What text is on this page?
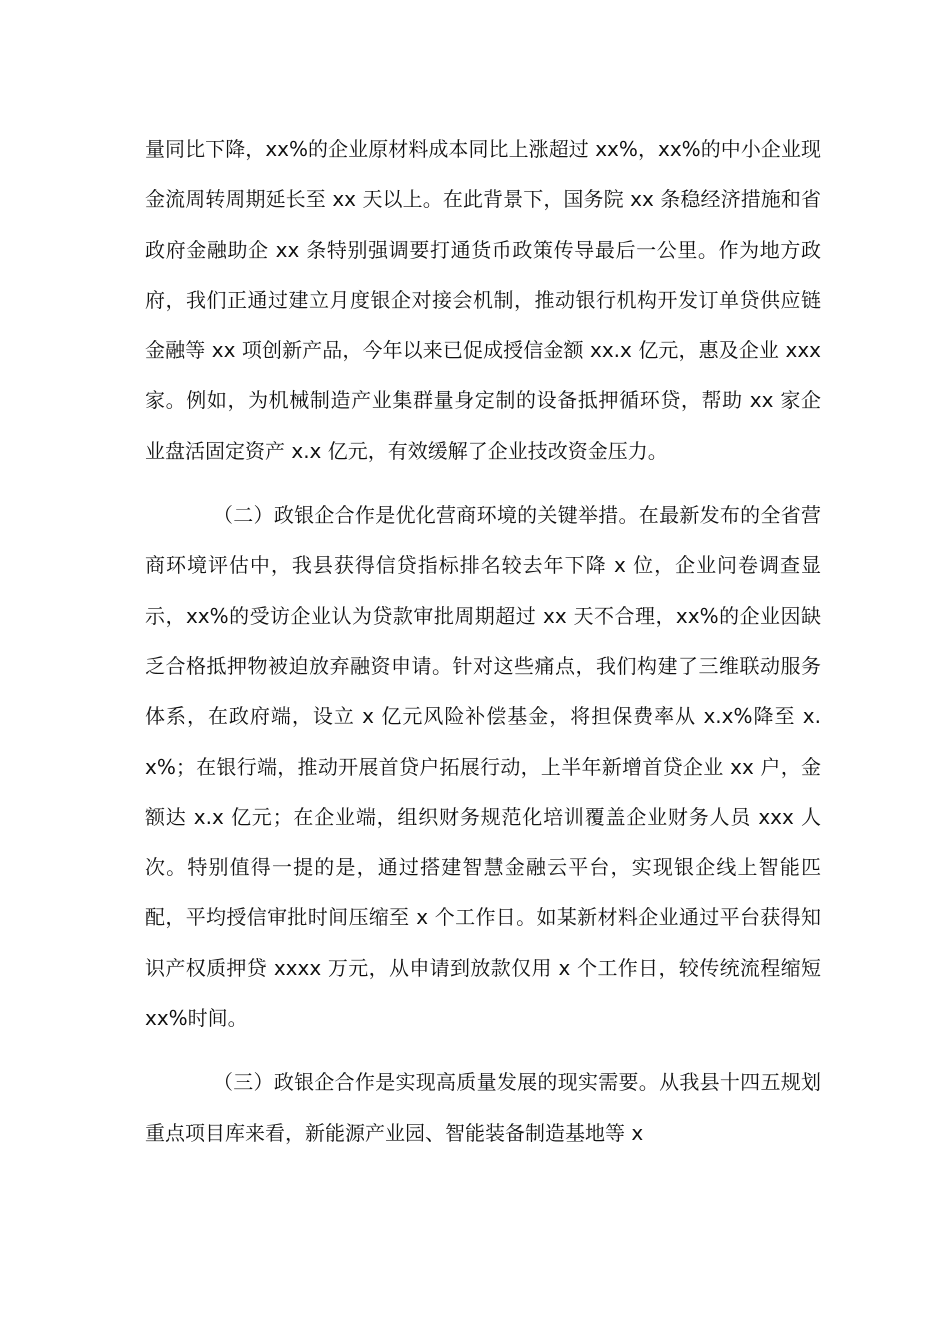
量同比下降，xx%的企业原材料成本同比上涨超过 xx%，xx%的中小企业现金流周转周期延长至 xx 天以上。在此背景下，国务院 xx 条稳经济措施和省政府金融助企 xx 条特别强调要打通货币政策传导最后一公里。作为地方政府，我们正通过建立月度银企对接会机制，推动银行机构开发订单贷供应链金融等 xx 项创新产品，今年以来已促成授信金额 xx.x 亿元，惠及企业 xxx 家。例如，为机械制造产业集群量身定制的设备抵押循环贷，帮助 xx 家企业盘活固定资产 x.x 亿元，有效缓解了企业技改资金压力。

（二）政银企合作是优化营商环境的关键举措。在最新发布的全省营商环境评估中，我县获得信贷指标排名较去年下降 x 位，企业问卷调查显示，xx%的受访企业认为贷款审批周期超过 xx 天不合理，xx%的企业因缺乏合格抵押物被迫放弃融资申请。针对这些痛点，我们构建了三维联动服务体系，在政府端，设立 x 亿元风险补偿基金，将担保费率从 x.x%降至 x.x%；在银行端，推动开展首贷户拓展行动，上半年新增首贷企业 xx 户，金额达 x.x 亿元；在企业端，组织财务规范化培训覆盖企业财务人员 xxx 人次。特别值得一提的是，通过搭建智慧金融云平台，实现银企线上智能匹配，平均授信审批时间压缩至 x 个工作日。如某新材料企业通过平台获得知识产权质押贷 xxxx 万元，从申请到放款仅用 x 个工作日，较传统流程缩短 xx%时间。

（三）政银企合作是实现高质量发展的现实需要。从我县十四五规划重点项目库来看，新能源产业园、智能装备制造基地等 x
